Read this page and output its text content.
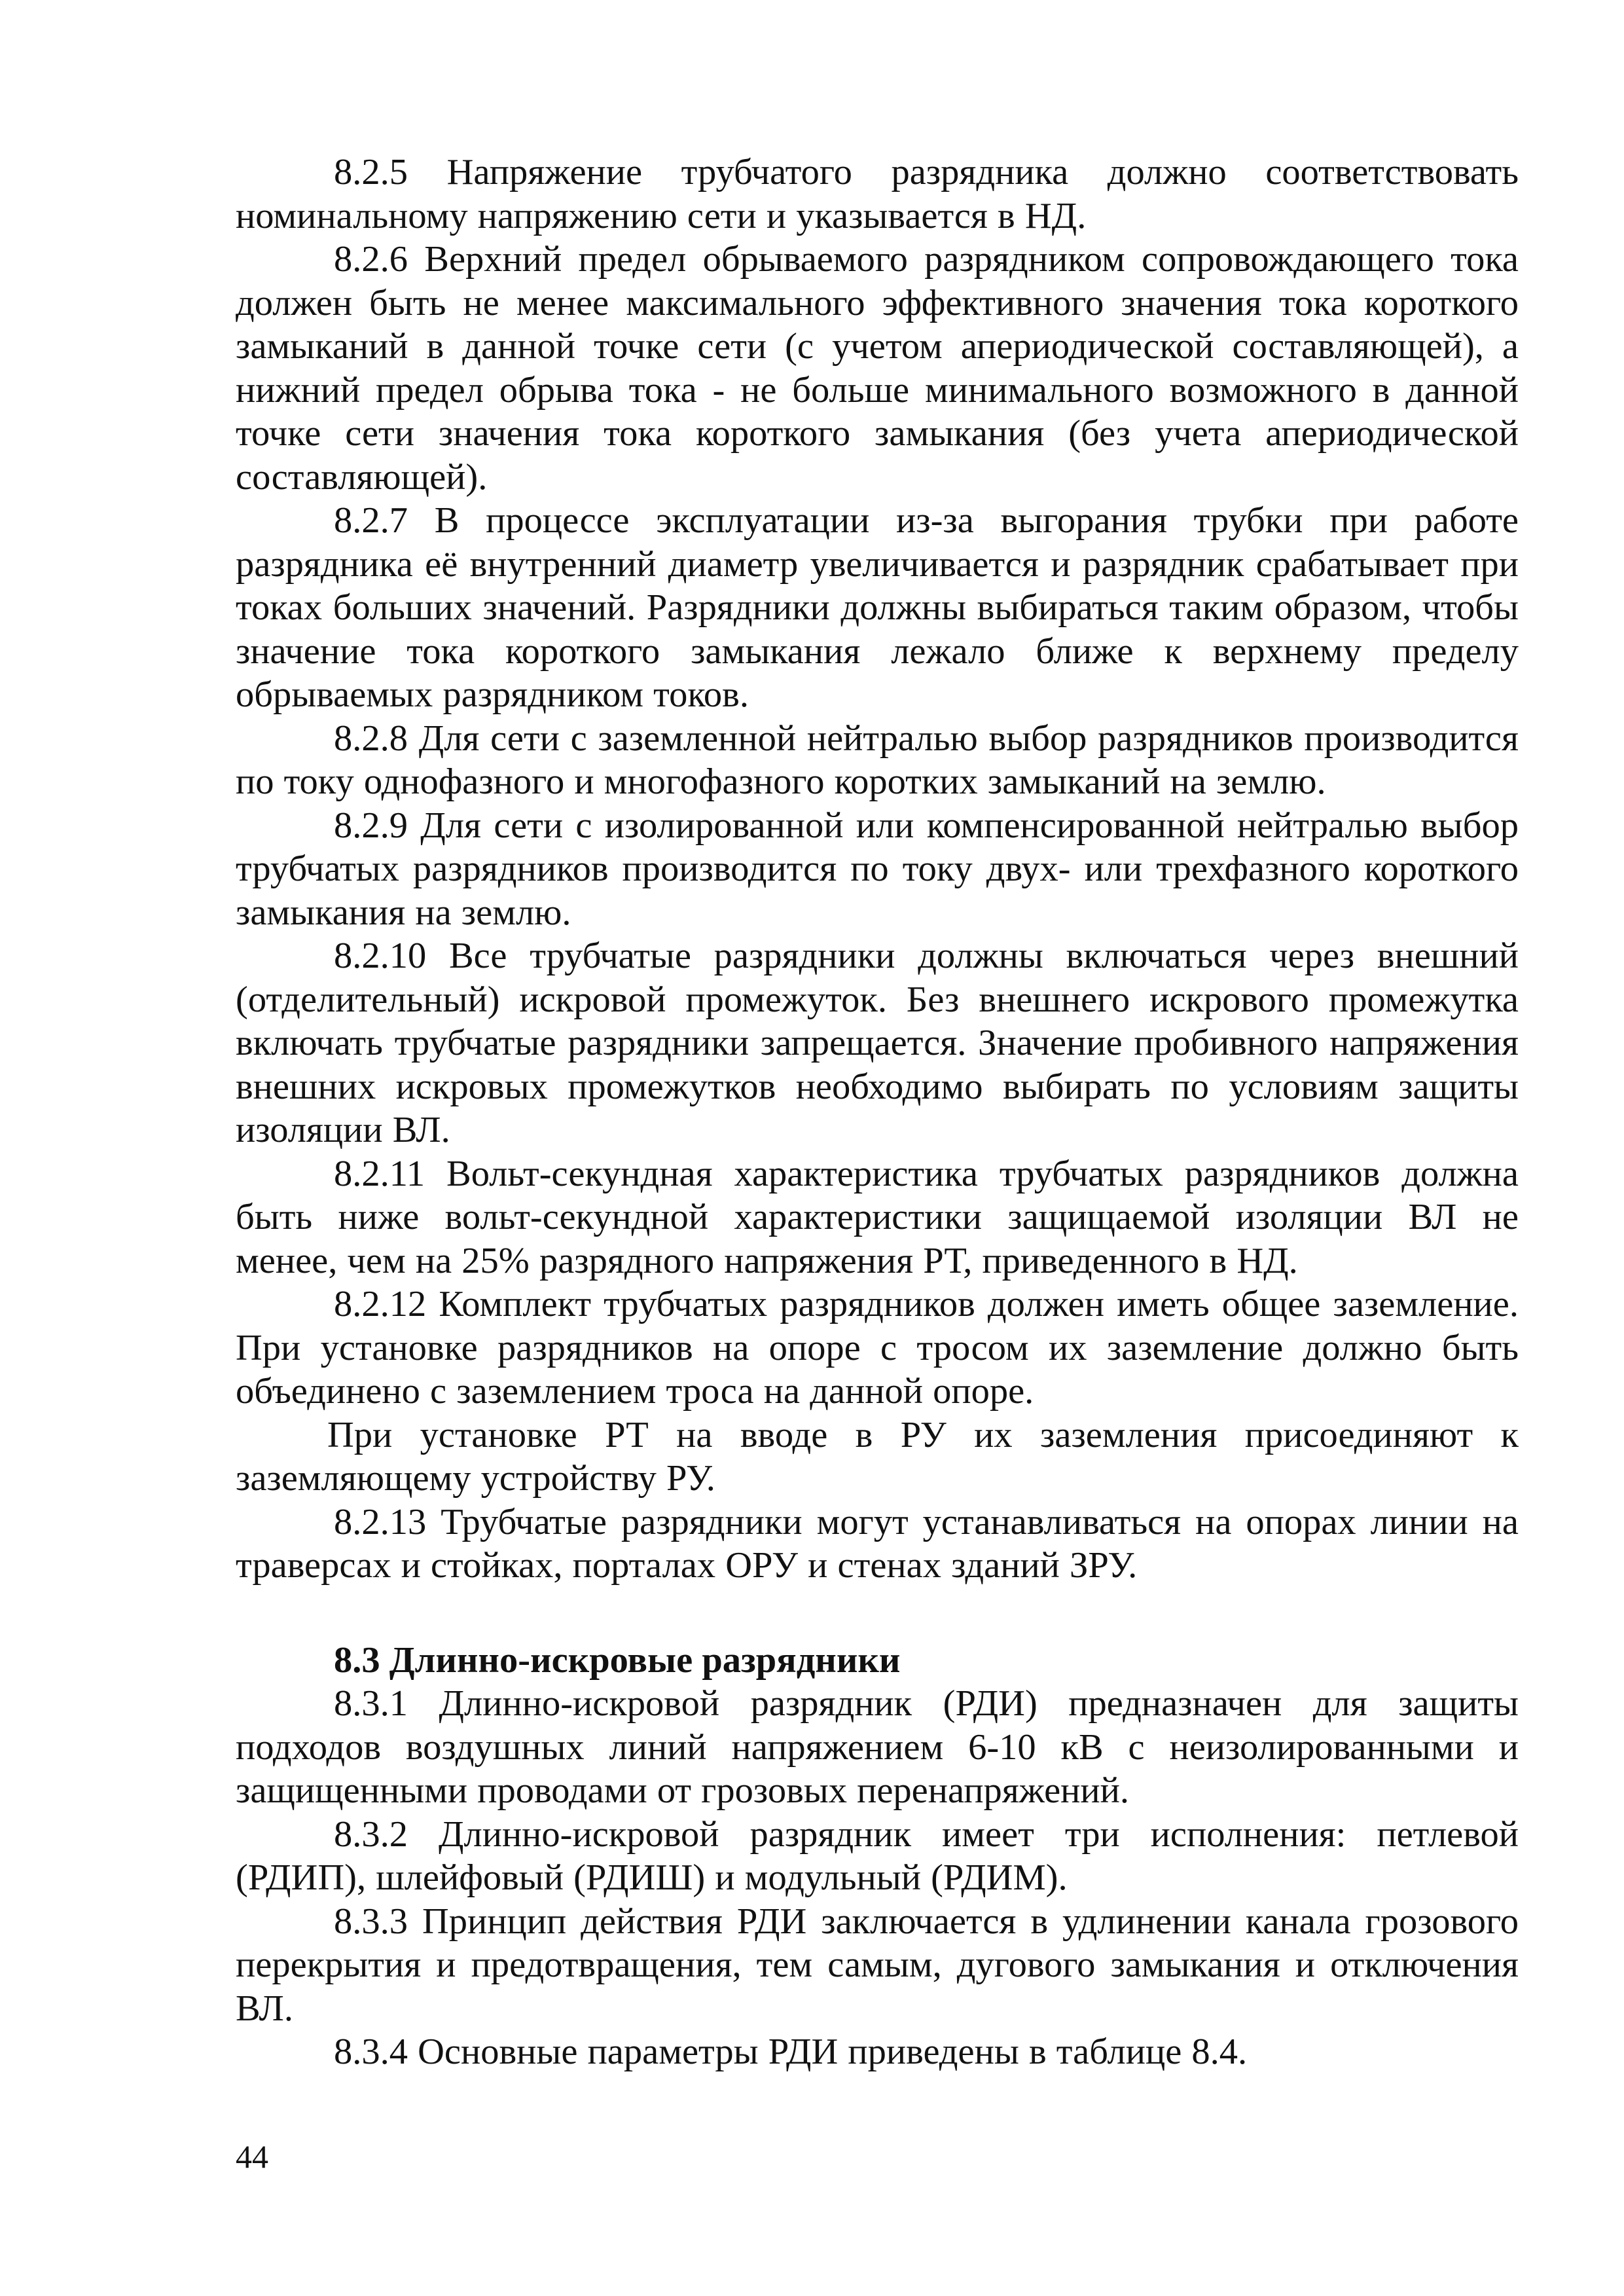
8.2.5 Напряжение трубчатого разрядника должно соответствовать номинальному напряжению сети и указывается в НД.

8.2.6 Верхний предел обрываемого разрядником сопровождающего тока должен быть не менее максимального эффективного значения тока короткого замыканий в данной точке сети (с учетом апериодической составляющей), а нижний предел обрыва тока - не больше минимального возможного в данной точке сети значения тока короткого замыкания (без учета апериодической составляющей).

8.2.7 В процессе эксплуатации из-за выгорания трубки при работе разрядника её внутренний диаметр увеличивается и разрядник срабатывает при токах больших значений. Разрядники должны выбираться таким образом, чтобы значение тока короткого замыкания лежало ближе к верхнему пределу обрываемых разрядником токов.

8.2.8 Для сети с заземленной нейтралью выбор разрядников производится по току однофазного и многофазного коротких замыканий на землю.

8.2.9 Для сети с изолированной или компенсированной нейтралью выбор трубчатых разрядников производится по току двух- или трехфазного короткого замыкания на землю.

8.2.10 Все трубчатые разрядники должны включаться через внешний (отделительный) искровой промежуток. Без внешнего искрового промежутка включать трубчатые разрядники запрещается. Значение пробивного напряжения внешних искровых промежутков необходимо выбирать по условиям защиты изоляции ВЛ.

8.2.11 Вольт-секундная характеристика трубчатых разрядников должна быть ниже вольт-секундной характеристики защищаемой изоляции ВЛ не менее, чем на 25% разрядного напряжения РТ, приведенного в НД.

8.2.12 Комплект трубчатых разрядников должен иметь общее заземление. При установке разрядников на опоре с тросом их заземление должно быть объединено с заземлением троса на данной опоре.

При установке РТ на вводе в РУ их заземления присоединяют к заземляющему устройству РУ.

8.2.13 Трубчатые разрядники могут устанавливаться на опорах линии на траверсах и стойках, порталах ОРУ и стенах зданий ЗРУ.

8.3 Длинно-искровые разрядники

8.3.1 Длинно-искровой разрядник (РДИ) предназначен для защиты подходов воздушных линий напряжением 6-10 кВ с неизолированными и защищенными проводами от грозовых перенапряжений.

8.3.2 Длинно-искровой разрядник имеет три исполнения: петлевой (РДИП), шлейфовый (РДИШ) и модульный (РДИМ).

8.3.3 Принцип действия РДИ заключается в удлинении канала грозового перекрытия и предотвращения, тем самым, дугового замыкания и отключения ВЛ.

8.3.4 Основные параметры РДИ приведены в таблице 8.4.

44
